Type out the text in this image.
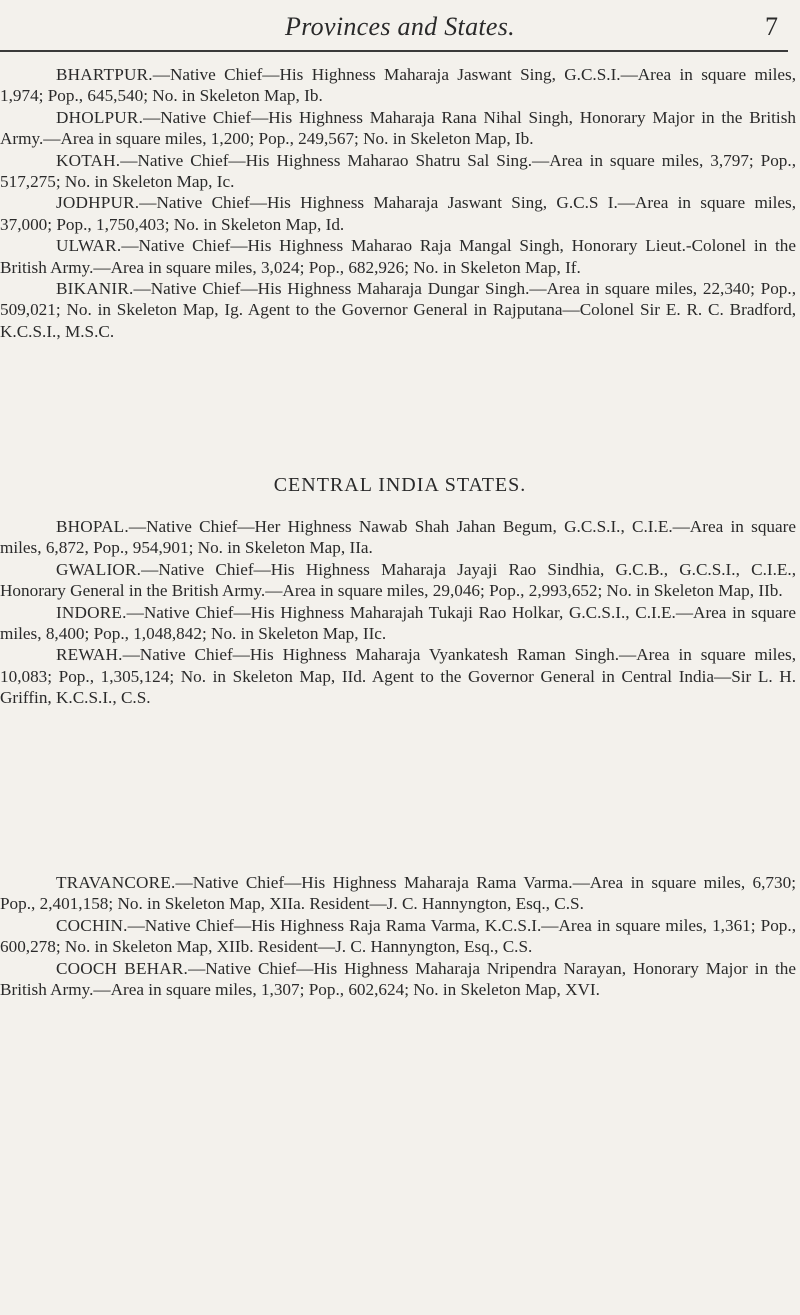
Provinces and States.	7

BHARTPUR.—Native Chief—His Highness Maharaja Jaswant Sing, G.C.S.I.—Area in square miles, 1,974; Pop., 645,540; No. in Skeleton Map, Ib.

DHOLPUR.—Native Chief—His Highness Maharaja Rana Nihal Singh, Honorary Major in the British Army.—Area in square miles, 1,200; Pop., 249,567; No. in Skeleton Map, Ib.

KOTAH.—Native Chief—His Highness Maharao Shatru Sal Sing.—Area in square miles, 3,797; Pop., 517,275; No. in Skeleton Map, Ic.

JODHPUR.—Native Chief—His Highness Maharaja Jaswant Sing, G.C.S I.—Area in square miles, 37,000; Pop., 1,750,403; No. in Skeleton Map, Id.

ULWAR.—Native Chief—His Highness Maharao Raja Mangal Singh, Honorary Lieut.-Colonel in the British Army.—Area in square miles, 3,024; Pop., 682,926; No. in Skeleton Map, If.

BIKANIR.—Native Chief—His Highness Maharaja Dungar Singh.—Area in square miles, 22,340; Pop., 509,021; No. in Skeleton Map, Ig. Agent to the Governor General in Rajputana—Colonel Sir E. R. C. Bradford, K.C.S.I., M.S.C.

CENTRAL INDIA STATES.

BHOPAL.—Native Chief—Her Highness Nawab Shah Jahan Begum, G.C.S.I., C.I.E.—Area in square miles, 6,872, Pop., 954,901; No. in Skeleton Map, IIa.

GWALIOR.—Native Chief—His Highness Maharaja Jayaji Rao Sindhia, G.C.B., G.C.S.I., C.I.E., Honorary General in the British Army.—Area in square miles, 29,046; Pop., 2,993,652; No. in Skeleton Map, IIb.

INDORE.—Native Chief—His Highness Maharajah Tukaji Rao Holkar, G.C.S.I., C.I.E.—Area in square miles, 8,400; Pop., 1,048,842; No. in Skeleton Map, IIc.

REWAH.—Native Chief—His Highness Maharaja Vyankatesh Raman Singh.—Area in square miles, 10,083; Pop., 1,305,124; No. in Skeleton Map, IId. Agent to the Governor General in Central India—Sir L. H. Griffin, K.C.S.I., C.S.

TRAVANCORE.—Native Chief—His Highness Maharaja Rama Varma.—Area in square miles, 6,730; Pop., 2,401,158; No. in Skeleton Map, XIIa. Resident—J. C. Hannyngton, Esq., C.S.

COCHIN.—Native Chief—His Highness Raja Rama Varma, K.C.S.I.—Area in square miles, 1,361; Pop., 600,278; No. in Skeleton Map, XIIb. Resident—J. C. Hannyngton, Esq., C.S.

COOCH BEHAR.—Native Chief—His Highness Maharaja Nripendra Narayan, Honorary Major in the British Army.—Area in square miles, 1,307; Pop., 602,624; No. in Skeleton Map, XVI.
